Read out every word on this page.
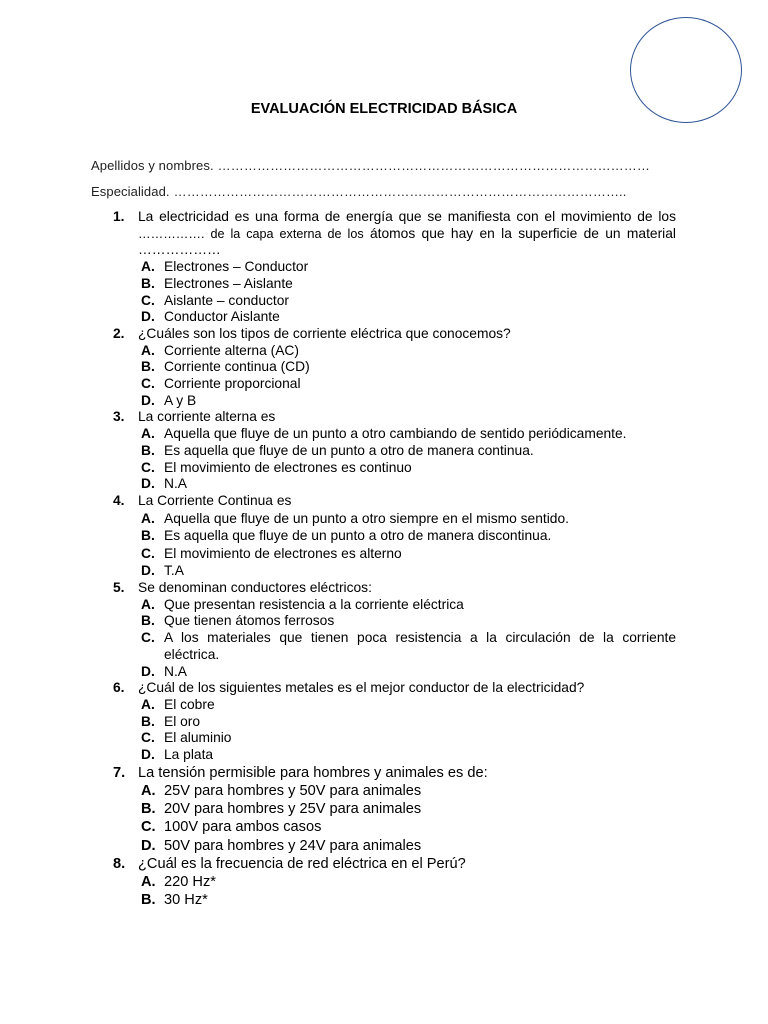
EVALUACIÓN ELECTRICIDAD BÁSICA
Apellidos y nombres. ………………………………………………………………………………………
Especialidad. …………………………………………………………………………………………..
1. La electricidad es una forma de energía que se manifiesta con el movimiento de los ……………. de la capa externa de los átomos que hay en la superficie de un material ………………
A. Electrones – Conductor
B. Electrones – Aislante
C. Aislante – conductor
D. Conductor Aislante
2. ¿Cuáles son los tipos de corriente eléctrica que conocemos?
A. Corriente alterna (AC)
B. Corriente continua (CD)
C. Corriente proporcional
D. A y B
3. La corriente alterna es
A. Aquella que fluye de un punto a otro cambiando de sentido periódicamente.
B. Es aquella que fluye de un punto a otro de manera continua.
C. El movimiento de electrones es continuo
D. N.A
4. La Corriente Continua es
A. Aquella que fluye de un punto a otro siempre en el mismo sentido.
B. Es aquella que fluye de un punto a otro de manera discontinua.
C. El movimiento de electrones es alterno
D. T.A
5. Se denominan conductores eléctricos:
A. Que presentan resistencia a la corriente eléctrica
B. Que tienen átomos ferrosos
C. A los materiales que tienen poca resistencia a la circulación de la corriente eléctrica.
D. N.A
6. ¿Cuál de los siguientes metales es el mejor conductor de la electricidad?
A. El cobre
B. El oro
C. El aluminio
D. La plata
7. La tensión permisible para hombres y animales es de:
A. 25V para hombres y 50V para animales
B. 20V para hombres y 25V para animales
C. 100V para ambos casos
D. 50V para hombres y 24V para animales
8. ¿Cuál es la frecuencia de red eléctrica en el Perú?
A. 220 Hz*
B. 30 Hz*
